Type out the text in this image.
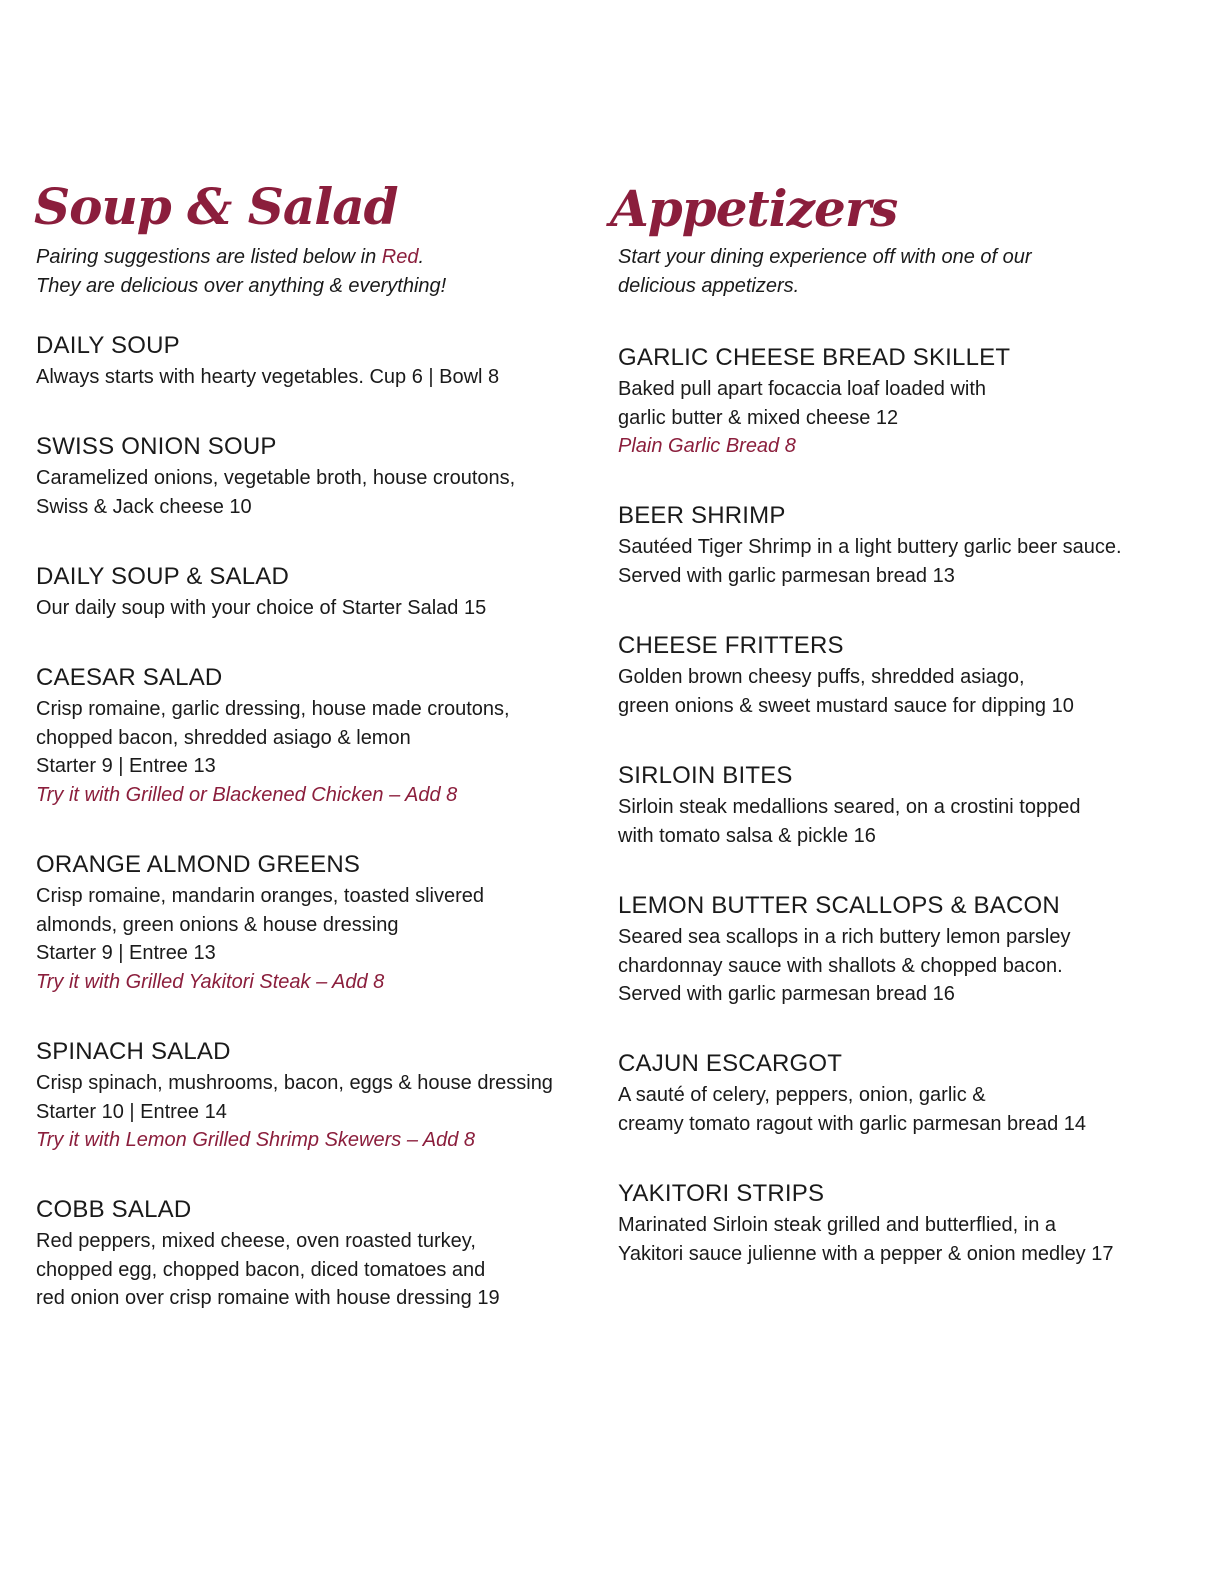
Soup & Salad

Pairing suggestions are listed below in Red.

They are delicious over anything & everything!

DAILY SOUP
Always starts with hearty vegetables. Cup 6 | Bowl 8
SWISS ONION SOUP
Caramelized onions, vegetable broth, house croutons,
Swiss & Jack cheese 10
DAILY SOUP & SALAD
Our daily soup with your choice of Starter Salad 15
CAESAR SALAD
Crisp romaine, garlic dressing, house made croutons,
chopped bacon, shredded asiago & lemon
Starter 9 | Entree 13
Try it with Grilled or Blackened Chicken – Add 8
ORANGE ALMOND GREENS
Crisp romaine, mandarin oranges, toasted slivered
almonds, green onions & house dressing
Starter 9 | Entree 13
Try it with Grilled Yakitori Steak – Add 8
SPINACH SALAD
Crisp spinach, mushrooms, bacon, eggs & house dressing
Starter 10 | Entree 14
Try it with Lemon Grilled Shrimp Skewers – Add 8
COBB SALAD
Red peppers, mixed cheese, oven roasted turkey,
chopped egg, chopped bacon, diced tomatoes and
red onion over crisp romaine with house dressing 19
Appetizers

Start your dining experience off with one of our

delicious appetizers.

GARLIC CHEESE BREAD SKILLET
Baked pull apart focaccia loaf loaded with
garlic butter & mixed cheese 12
Plain Garlic Bread 8
BEER SHRIMP
Sautéed Tiger Shrimp in a light buttery garlic beer sauce.
Served with garlic parmesan bread 13
CHEESE FRITTERS
Golden brown cheesy puffs, shredded asiago,
green onions & sweet mustard sauce for dipping 10
SIRLOIN BITES
Sirloin steak medallions seared, on a crostini topped
with tomato salsa & pickle 16
LEMON BUTTER SCALLOPS & BACON
Seared sea scallops in a rich buttery lemon parsley
chardonnay sauce with shallots & chopped bacon.
Served with garlic parmesan bread 16
CAJUN ESCARGOT
A sauté of celery, peppers, onion, garlic &
creamy tomato ragout with garlic parmesan bread 14
YAKITORI STRIPS
Marinated Sirloin steak grilled and butterflied, in a
Yakitori sauce julienne with a pepper & onion medley 17
